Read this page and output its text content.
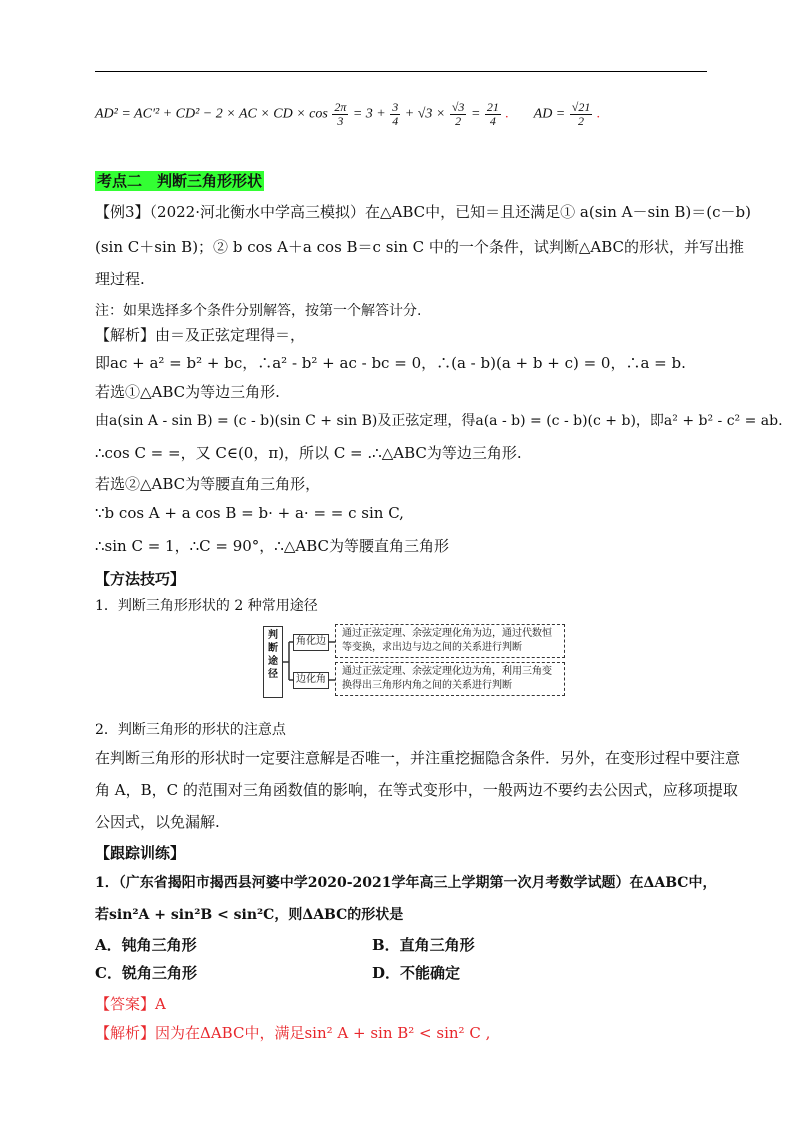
AD² = AC′² + CD² − 2 × AC × CD × $\cos \frac{2\pi}{3} = 3 + \frac{3}{4} + √3 \times \frac{√3}{2} = \frac{21}{4}$ . AD = $\frac{√21}{2}$ .
考点二　判断三角形形状
【例3】（2022·河北衡水中学高三模拟）在△ABC中，已知＝且还满足① a(sin A－sin B)＝(c－b)
(sin C＋sin B)；② b cos A＋a cos B＝c sin C 中的一个条件，试判断△ABC的形状，并写出推
理过程.
注：如果选择多个条件分别解答，按第一个解答计分.
【解析】由＝及正弦定理得＝，
即ac + a² = b² + bc，∴a² - b² + ac - bc = 0，∴(a - b)(a + b + c) = 0，∴a = b.
若选①△ABC为等边三角形.
由a(sin A - sin B) = (c - b)(sin C + sin B)及正弦定理，得a(a - b) = (c - b)(c + b)，即a² + b² - c² = ab.
∴cos C = =，又 C∈(0，π)，所以 C = .∴△ABC为等边三角形.
若选②△ABC为等腰直角三角形，
∵b cos A + a cos B = b· + a· = = c sin C,
∴sin C = 1，∴C = 90°，∴△ABC为等腰直角三角形
【方法技巧】
1．判断三角形形状的 2 种常用途径
判
断
途
径
角化边
边化角
通过正弦定理、余弦定理化角为边，通过代数恒
等变换，求出边与边之间的关系进行判断
通过正弦定理、余弦定理化边为角，利用三角变
换得出三角形内角之间的关系进行判断
2．判断三角形的形状的注意点
在判断三角形的形状时一定要注意解是否唯一，并注重挖掘隐含条件．另外，在变形过程中要注意
角 A，B，C 的范围对三角函数值的影响，在等式变形中，一般两边不要约去公因式，应移项提取
公因式，以免漏解.
【跟踪训练】
1．（广东省揭阳市揭西县河婆中学2020-2021学年高三上学期第一次月考数学试题）在ΔABC中，
若sin²A + sin²B < sin²C，则ΔABC的形状是
A．钝角三角形	B．直角三角形
C．锐角三角形	D．不能确定
【答案】A
【解析】因为在ΔABC中，满足sin² A + sin B² < sin² C ,
